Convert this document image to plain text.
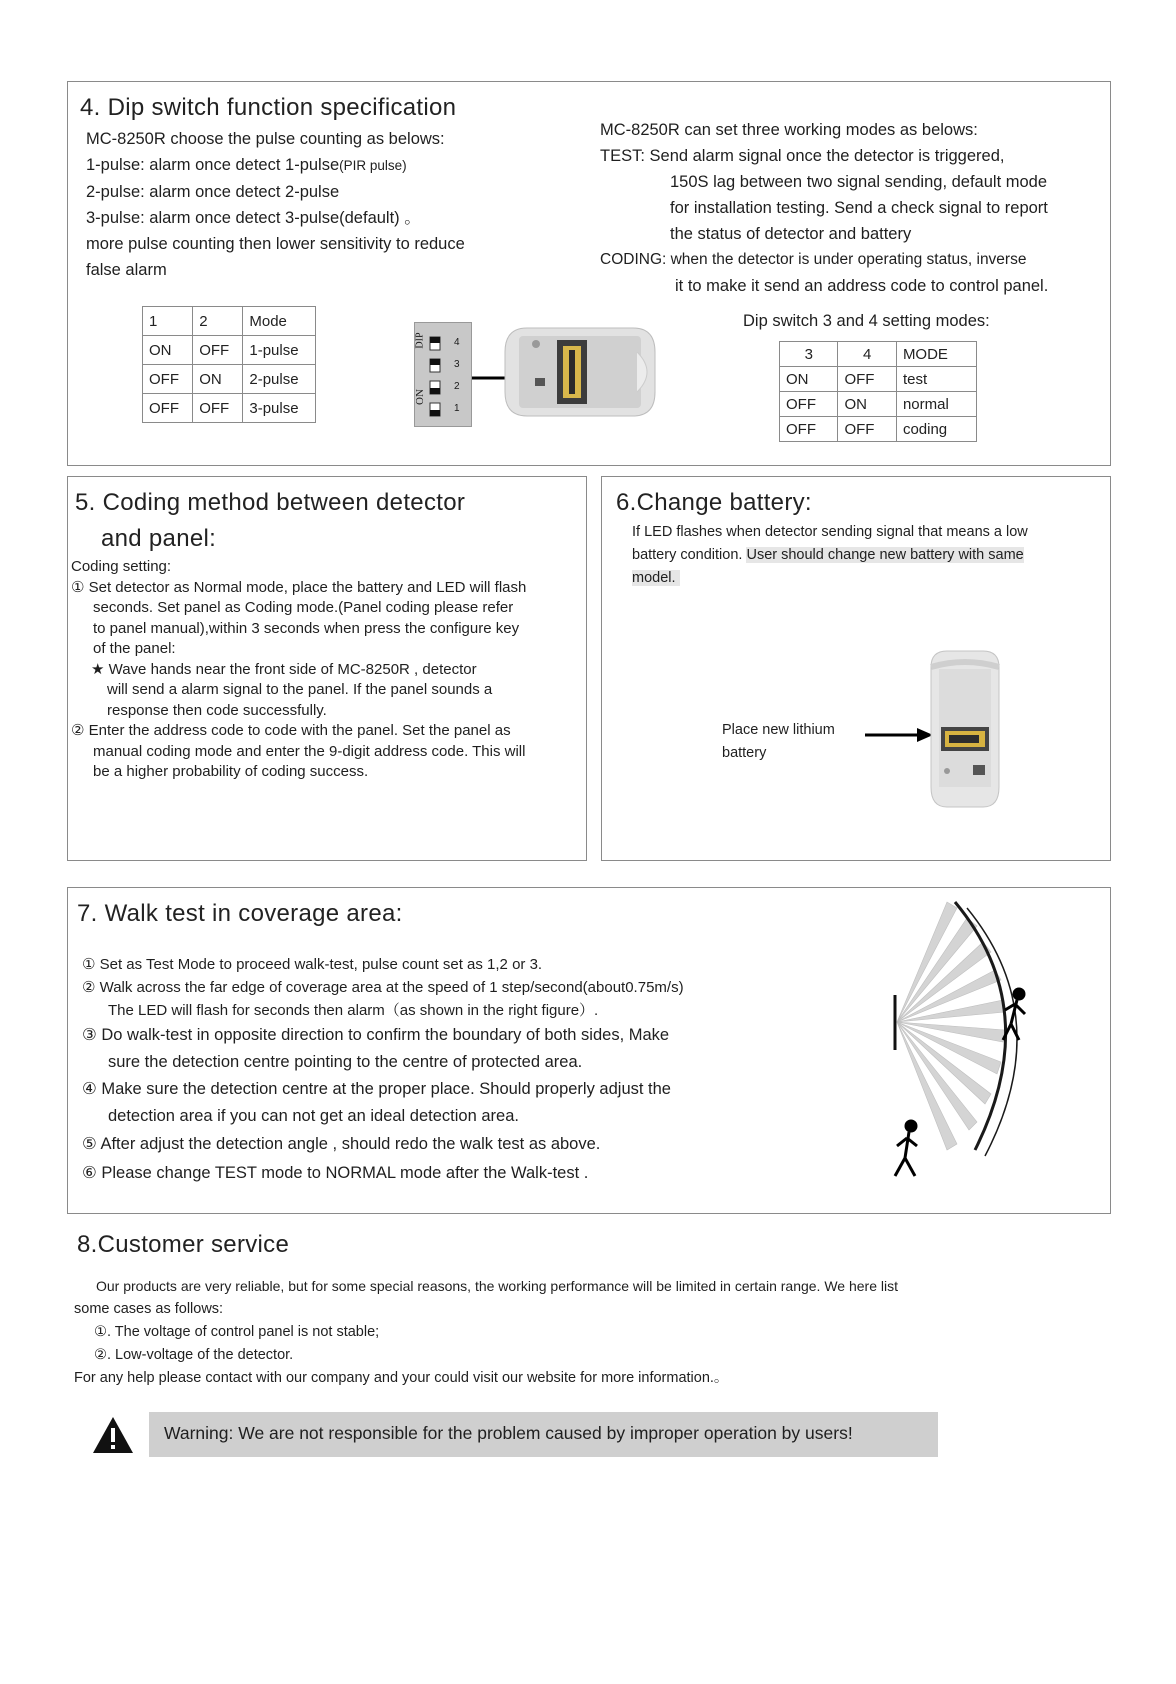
4. Dip switch function specification
MC-8250R choose the pulse counting as belows:
1-pulse: alarm once detect 1-pulse(PIR pulse)
2-pulse: alarm once detect 2-pulse
3-pulse: alarm once detect 3-pulse(default) 。
more pulse counting then lower sensitivity to reduce
false alarm
1	2	Mode
ON	OFF	1-pulse
OFF	ON	2-pulse
OFF	OFF	3-pulse
DIP
ON
4
3
2
1
MC-8250R can set three working modes as belows:
TEST: Send alarm signal once the detector is triggered,
150S lag between two signal sending, default mode
for installation testing. Send a check signal to report
the status of detector and battery
CODING: when the detector is under operating status, inverse
it to make it send an address code to control panel.
Dip switch 3 and 4 setting modes:
3	4	MODE
ON	OFF	test
OFF	ON	normal
OFF	OFF	coding
5. Coding method between detector
and panel:
Coding setting:
① Set detector as Normal mode, place the battery and LED will flash
seconds. Set panel as Coding mode.(Panel coding please refer
to panel manual),within 3 seconds when press the configure key
of the panel:
★ Wave hands near the front side of MC-8250R , detector
will send a alarm signal to the panel. If the panel sounds a
response then code successfully.
② Enter the address code to code with the panel. Set the panel as
manual coding mode and enter the 9-digit address code. This will
be a higher probability of coding success.
6.Change battery:
If LED flashes when detector sending signal that means a low
battery condition. User should change new battery with same
model.
Place new lithium
battery
7. Walk test in coverage area:
① Set as Test Mode to proceed walk-test, pulse count set as 1,2 or 3.
② Walk across the far edge of coverage area at the speed of 1 step/second(about0.75m/s)
The LED will flash for seconds then alarm（as shown in the right figure）.
③ Do walk-test in opposite direction to confirm the boundary of both sides, Make
sure the detection centre pointing to the centre of protected area.
④ Make sure the detection centre at the proper place. Should properly adjust the
detection area if you can not get an ideal detection area.
⑤ After adjust the detection angle , should redo the walk test as above.
⑥ Please change TEST mode to NORMAL mode after the Walk-test .
8.Customer service
Our products are very reliable, but for some special reasons, the working performance will be limited in certain range. We here list
some cases as follows:
①. The voltage of control panel is not stable;
②. Low-voltage of the detector.
For any help please contact with our company and your could visit our website for more information.。
Warning: We are not responsible for the problem caused by improper operation by users!
